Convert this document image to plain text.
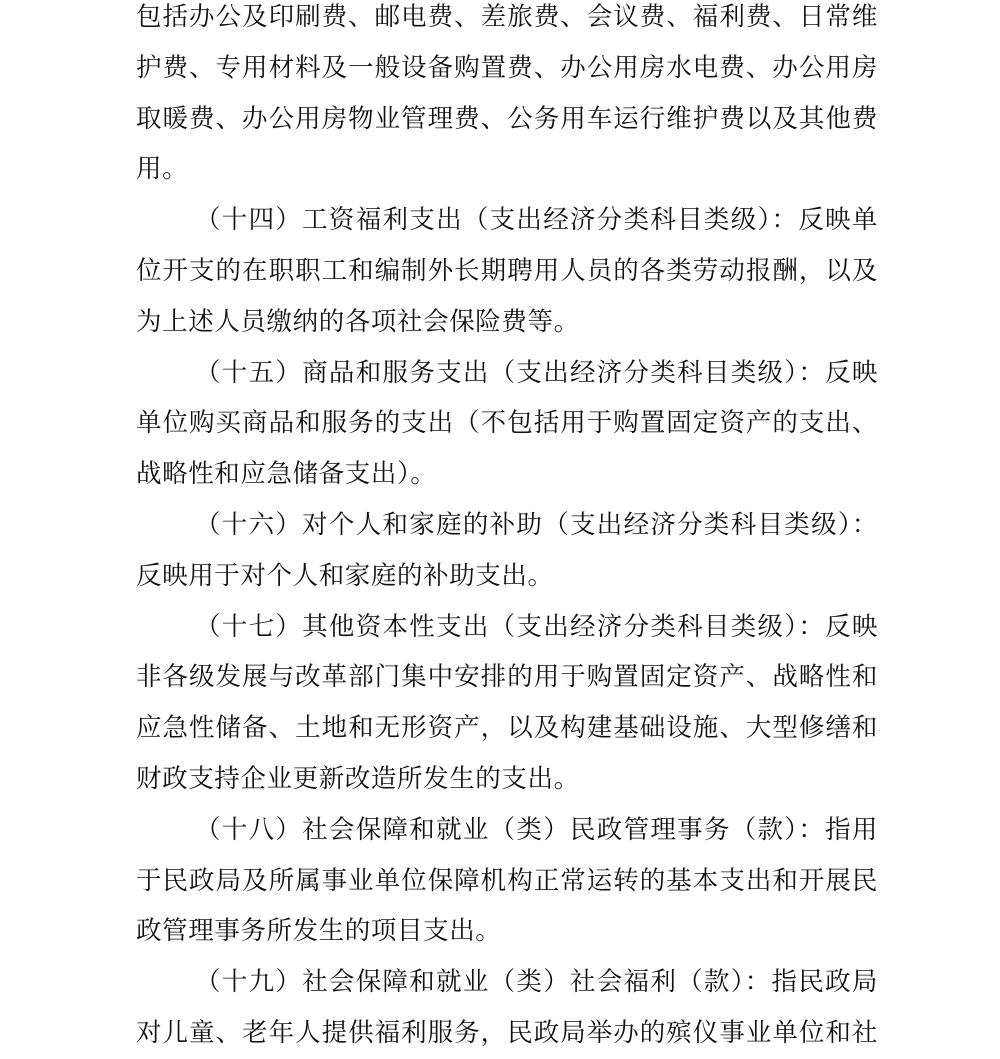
包括办公及印刷费、邮电费、差旅费、会议费、福利费、日常维
护费、专用材料及一般设备购置费、办公用房水电费、办公用房
取暖费、办公用房物业管理费、公务用车运行维护费以及其他费
用。
（十四）工资福利支出（支出经济分类科目类级）：反映单
位开支的在职职工和编制外长期聘用人员的各类劳动报酬，以及
为上述人员缴纳的各项社会保险费等。
（十五）商品和服务支出（支出经济分类科目类级）：反映
单位购买商品和服务的支出（不包括用于购置固定资产的支出、
战略性和应急储备支出）。
（十六）对个人和家庭的补助（支出经济分类科目类级）：
反映用于对个人和家庭的补助支出。
（十七）其他资本性支出（支出经济分类科目类级）：反映
非各级发展与改革部门集中安排的用于购置固定资产、战略性和
应急性储备、土地和无形资产，以及构建基础设施、大型修缮和
财政支持企业更新改造所发生的支出。
（十八）社会保障和就业（类）民政管理事务（款）：指用
于民政局及所属事业单位保障机构正常运转的基本支出和开展民
政管理事务所发生的项目支出。
（十九）社会保障和就业（类）社会福利（款）：指民政局
对儿童、老年人提供福利服务，民政局举办的殡仪事业单位和社
